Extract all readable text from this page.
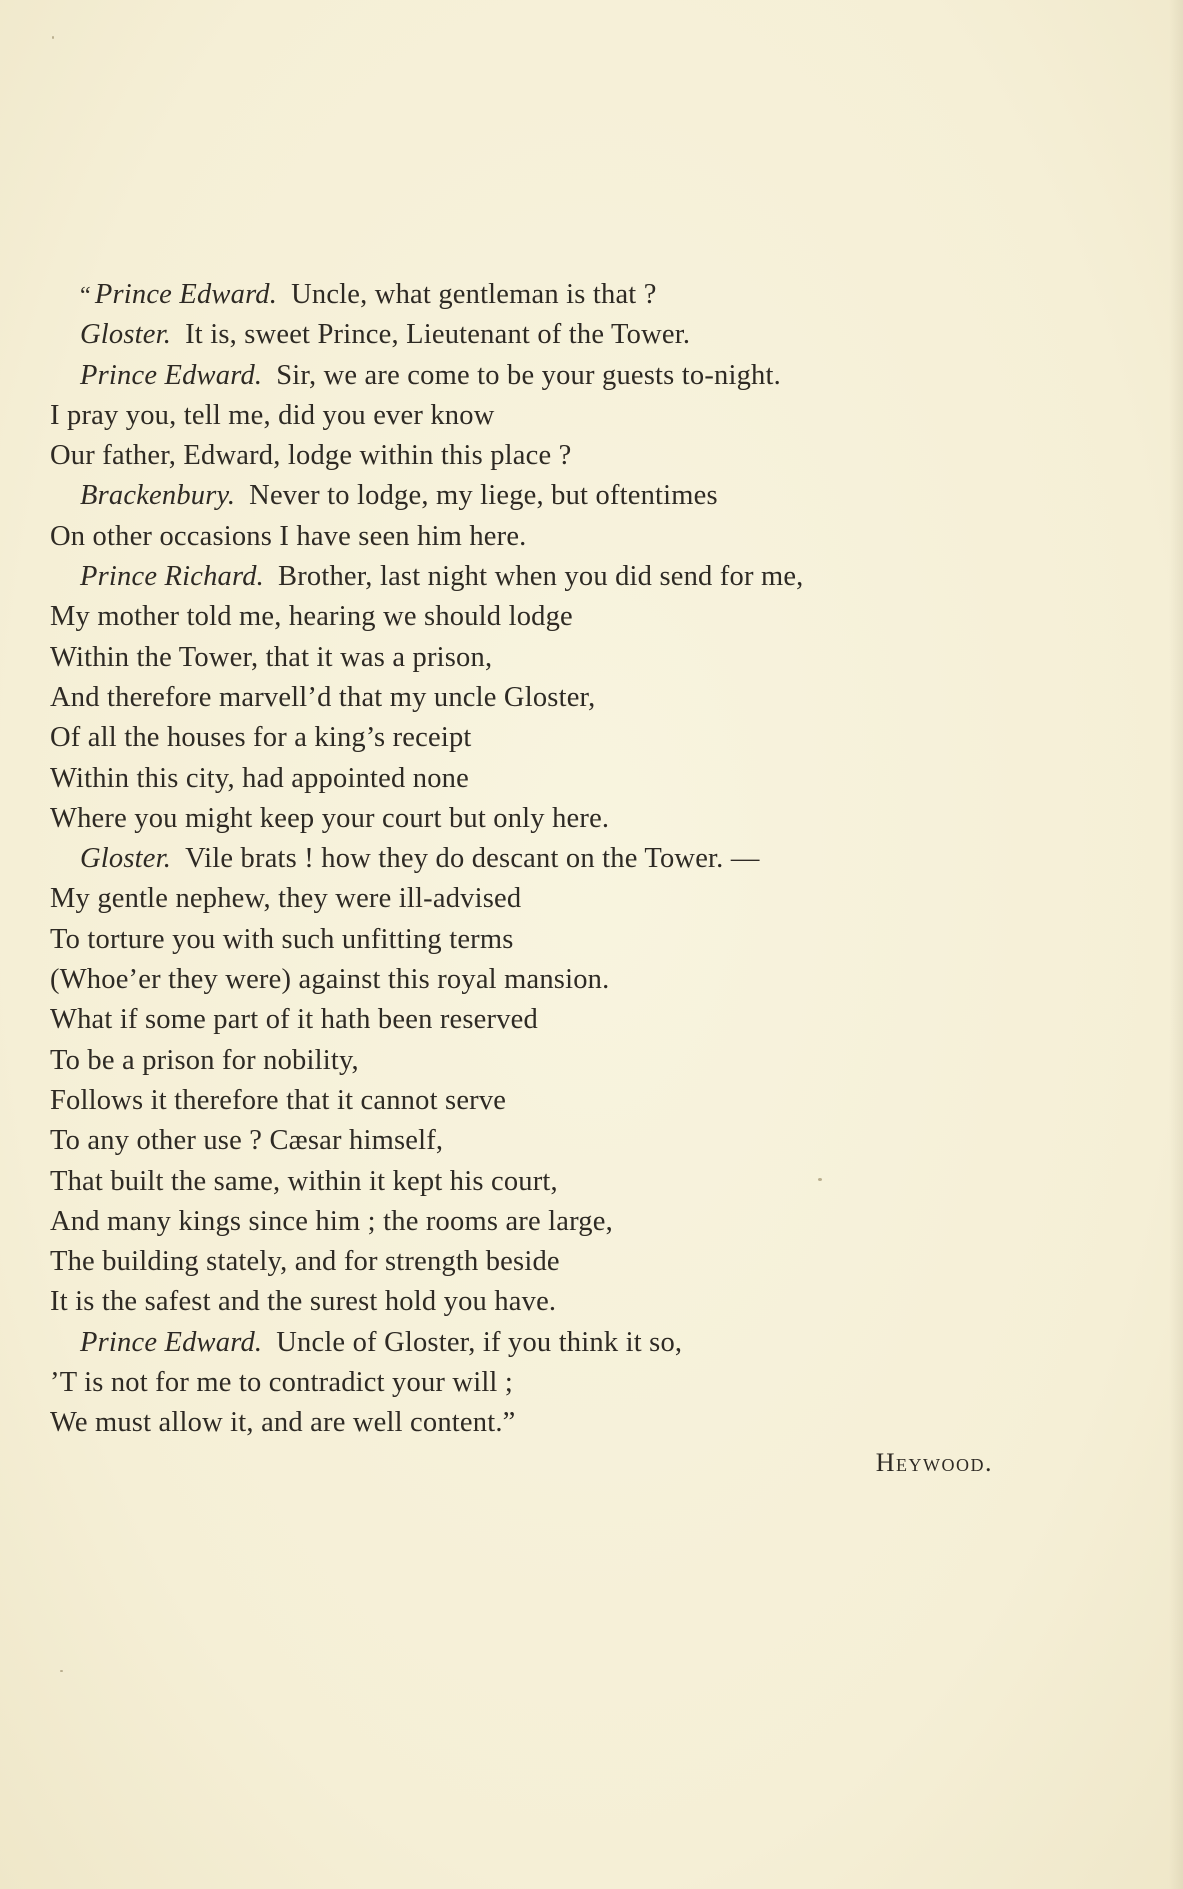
“ Prince Edward. Uncle, what gentleman is that ?
Gloster. It is, sweet Prince, Lieutenant of the Tower.
Prince Edward. Sir, we are come to be your guests to-night.
I pray you, tell me, did you ever know
Our father, Edward, lodge within this place ?
Brackenbury. Never to lodge, my liege, but oftentimes
On other occasions I have seen him here.
Prince Richard. Brother, last night when you did send for me,
My mother told me, hearing we should lodge
Within the Tower, that it was a prison,
And therefore marvell’d that my uncle Gloster,
Of all the houses for a king’s receipt
Within this city, had appointed none
Where you might keep your court but only here.
Gloster. Vile brats ! how they do descant on the Tower. —
My gentle nephew, they were ill-advised
To torture you with such unfitting terms
(Whoe’er they were) against this royal mansion.
What if some part of it hath been reserved
To be a prison for nobility,
Follows it therefore that it cannot serve
To any other use ? Cæsar himself,
That built the same, within it kept his court,
And many kings since him ; the rooms are large,
The building stately, and for strength beside
It is the safest and the surest hold you have.
Prince Edward. Uncle of Gloster, if you think it so,
’T is not for me to contradict your will ;
We must allow it, and are well content.”
Heywood.
